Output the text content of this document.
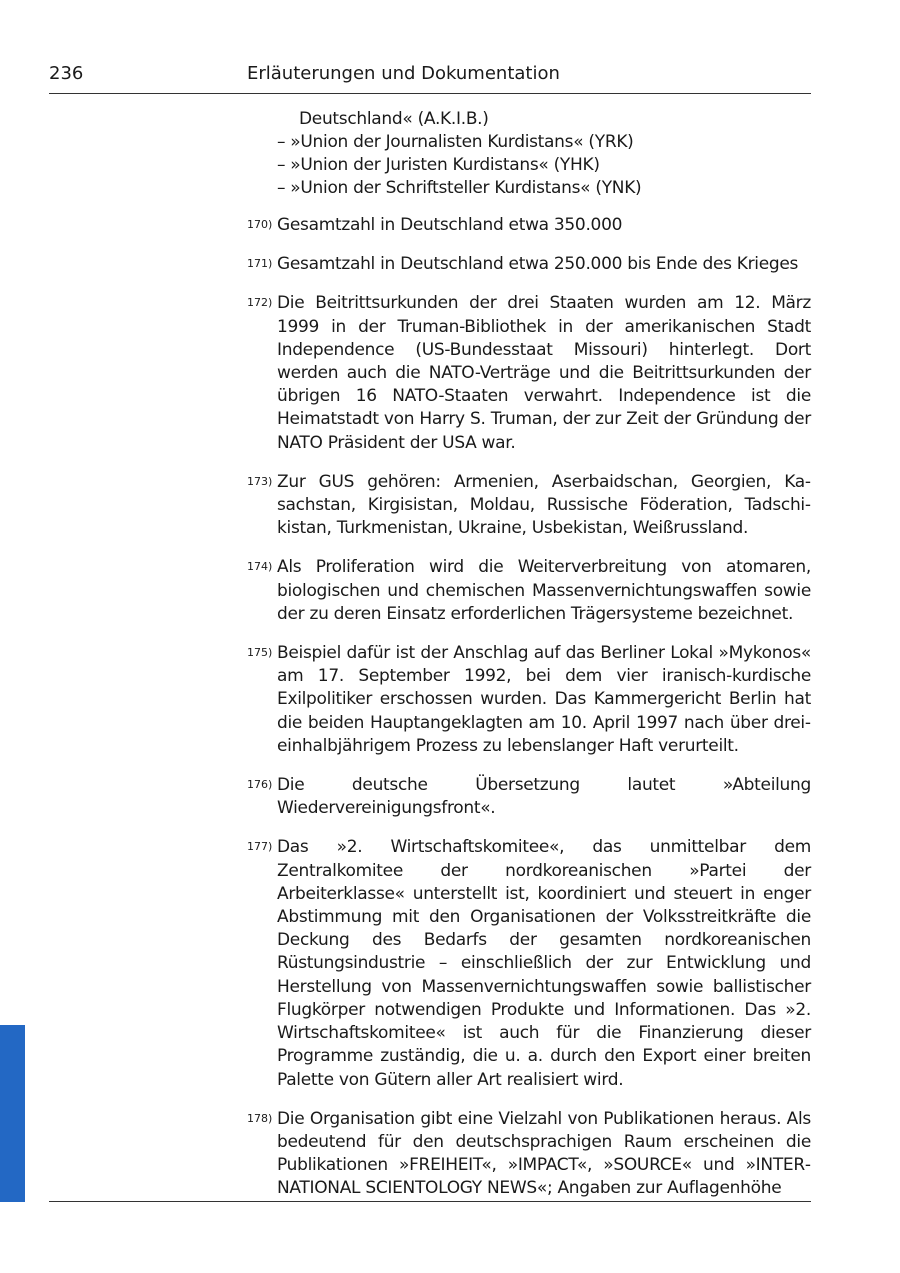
236	Erläuterungen und Dokumentation
Deutschland« (A.K.I.B.)
– »Union der Journalisten Kurdistans« (YRK)
– »Union der Juristen Kurdistans« (YHK)
– »Union der Schriftsteller Kurdistans« (YNK)
170) Gesamtzahl in Deutschland etwa 350.000
171) Gesamtzahl in Deutschland etwa 250.000 bis Ende des Krieges
172) Die Beitrittsurkunden der drei Staaten wurden am 12. März 1999 in der Truman-Bibliothek in der amerikanischen Stadt Independence (US-Bundesstaat Missouri) hinterlegt. Dort werden auch die NATO-Verträge und die Beitrittsurkunden der übrigen 16 NATO-Staaten verwahrt. Independence ist die Heimatstadt von Harry S. Truman, der zur Zeit der Gründung der NATO Präsident der USA war.
173) Zur GUS gehören: Armenien, Aserbaidschan, Georgien, Kasachstan, Kirgisistan, Moldau, Russische Föderation, Tadschikistan, Turkmenistan, Ukraine, Usbekistan, Weißrussland.
174) Als Proliferation wird die Weiterverbreitung von atomaren, biologischen und chemischen Massenvernichtungswaffen sowie der zu deren Einsatz erforderlichen Trägersysteme bezeichnet.
175) Beispiel dafür ist der Anschlag auf das Berliner Lokal »Mykonos« am 17. September 1992, bei dem vier iranisch-kurdische Exilpolitiker erschossen wurden. Das Kammergericht Berlin hat die beiden Hauptangeklagten am 10. April 1997 nach über dreieinhalbjährigem Prozess zu lebenslanger Haft verurteilt.
176) Die deutsche Übersetzung lautet »Abteilung Wiedervereinigungsfront«.
177) Das »2. Wirtschaftskomitee«, das unmittelbar dem Zentralkomitee der nordkoreanischen »Partei der Arbeiterklasse« unterstellt ist, koordiniert und steuert in enger Abstimmung mit den Organisationen der Volksstreitkräfte die Deckung des Bedarfs der gesamten nordkoreanischen Rüstungsindustrie – einschließlich der zur Entwicklung und Herstellung von Massenvernichtungswaffen sowie ballistischer Flugkörper notwendigen Produkte und Informationen. Das »2. Wirtschaftskomitee« ist auch für die Finanzierung dieser Programme zuständig, die u. a. durch den Export einer breiten Palette von Gütern aller Art realisiert wird.
178) Die Organisation gibt eine Vielzahl von Publikationen heraus. Als bedeutend für den deutschsprachigen Raum erscheinen die Publikationen »FREIHEIT«, »IMPACT«, »SOURCE« und »INTERNATIONAL SCIENTOLOGY NEWS«; Angaben zur Auflagenhöhe
